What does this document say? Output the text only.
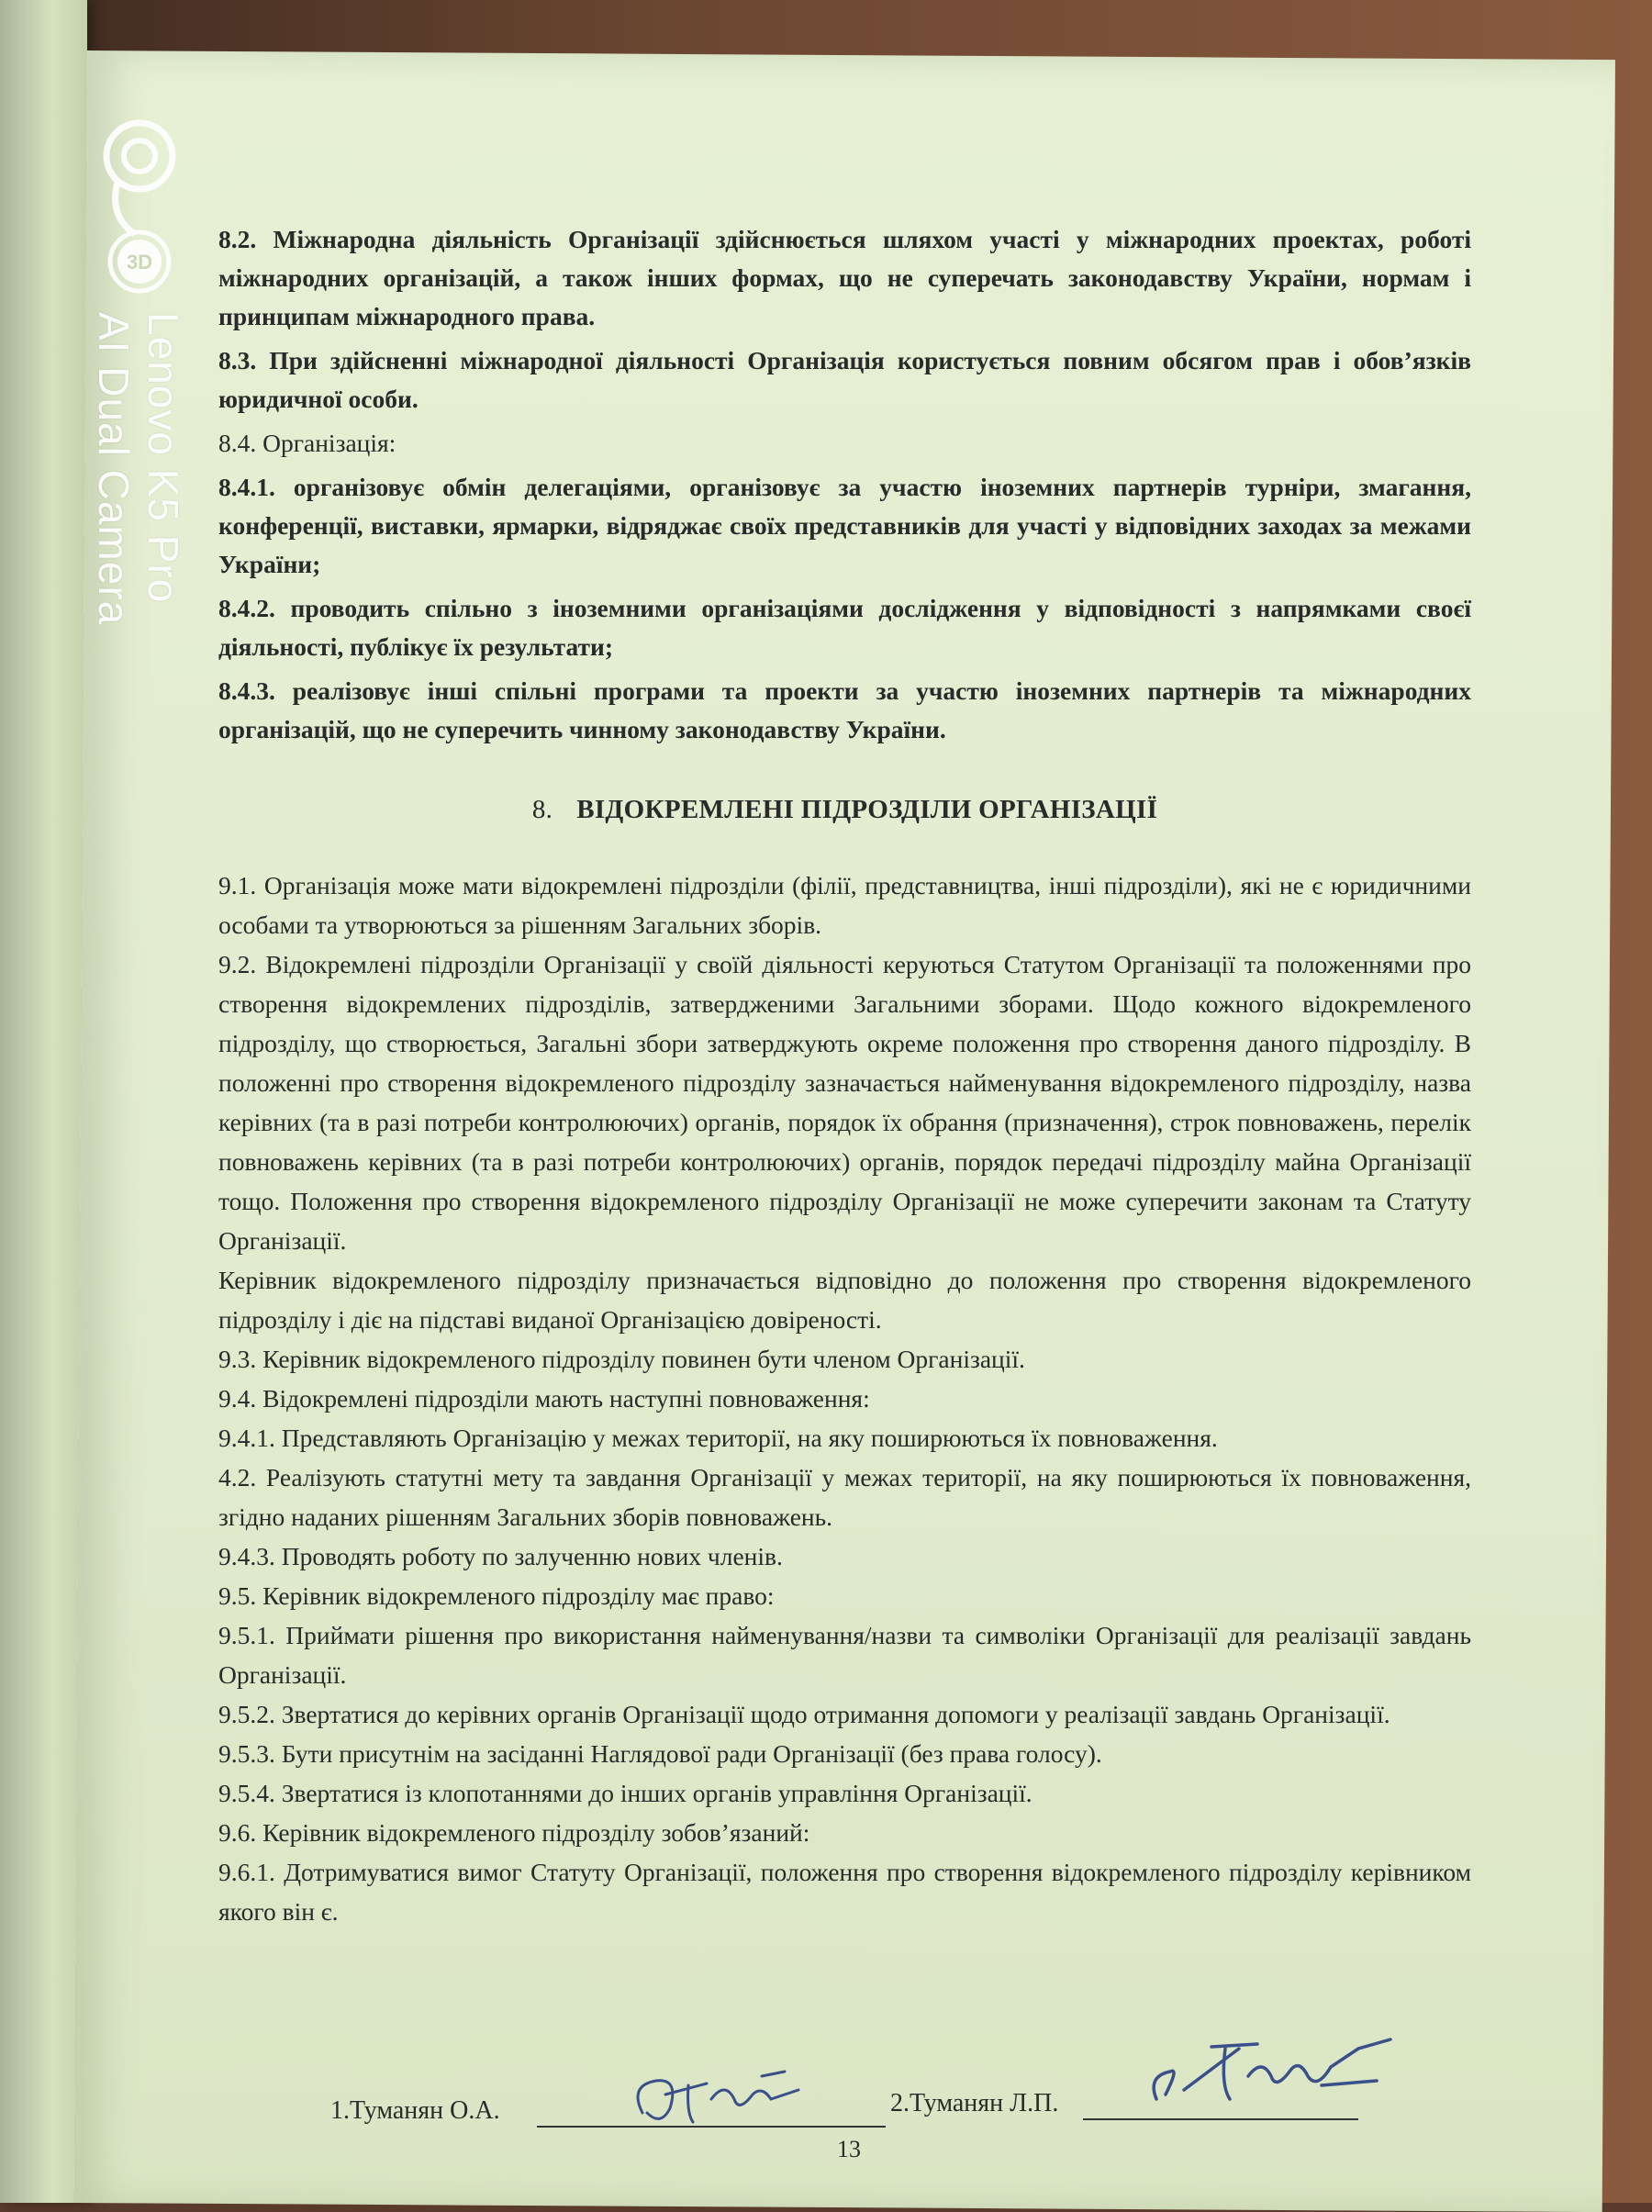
3D
Lenovo K5 Pro
AI Dual Camera
8.2. Міжнародна діяльність Організації здійснюється шляхом участі у міжнародних проектах, роботі міжнародних організацій, а також інших формах, що не суперечать законодавству України, нормам і принципам міжнародного права.
8.3. При здійсненні міжнародної діяльності Організація користується повним обсягом прав і обов’язків юридичної особи.
8.4. Організація:
8.4.1. організовує обмін делегаціями, організовує за участю іноземних партнерів турніри, змагання, конференції, виставки, ярмарки, відряджає своїх представників для участі у відповідних заходах за межами України;
8.4.2. проводить спільно з іноземними організаціями дослідження у відповідності з напрямками своєї діяльності, публікує їх результати;
8.4.3. реалізовує інші спільні програми та проекти за участю іноземних партнерів та міжнародних організацій, що не суперечить чинному законодавству України.
8. ВІДОКРЕМЛЕНІ ПІДРОЗДІЛИ ОРГАНІЗАЦІЇ
9.1. Організація може мати відокремлені підрозділи (філії, представництва, інші підрозділи), які не є юридичними особами та утворюються за рішенням Загальних зборів.
9.2. Відокремлені підрозділи Організації у своїй діяльності керуються Статутом Організації та положеннями про створення відокремлених підрозділів, затвердженими Загальними зборами. Щодо кожного відокремленого підрозділу, що створюється, Загальні збори затверджують окреме положення про створення даного підрозділу. В положенні про створення відокремленого підрозділу зазначається найменування відокремленого підрозділу, назва керівних (та в разі потреби контролюючих) органів, порядок їх обрання (призначення), строк повноважень, перелік повноважень керівних (та в разі потреби контролюючих) органів, порядок передачі підрозділу майна Організації тощо. Положення про створення відокремленого підрозділу Організації не може суперечити законам та Статуту Організації.
Керівник відокремленого підрозділу призначається відповідно до положення про створення відокремленого підрозділу і діє на підставі виданої Організацією довіреності.
9.3. Керівник відокремленого підрозділу повинен бути членом Організації.
9.4. Відокремлені підрозділи мають наступні повноваження:
9.4.1. Представляють Організацію у межах території, на яку поширюються їх повноваження.
4.2. Реалізують статутні мету та завдання Організації у межах території, на яку поширюються їх повноваження, згідно наданих рішенням Загальних зборів повноважень.
9.4.3. Проводять роботу по залученню нових членів.
9.5. Керівник відокремленого підрозділу має право:
9.5.1. Приймати рішення про використання найменування/назви та символіки Організації для реалізації завдань Організації.
9.5.2. Звертатися до керівних органів Організації щодо отримання допомоги у реалізації завдань Організації.
9.5.3. Бути присутнім на засіданні Наглядової ради Організації (без права голосу).
9.5.4. Звертатися із клопотаннями до інших органів управління Організації.
9.6. Керівник відокремленого підрозділу зобов’язаний:
9.6.1. Дотримуватися вимог Статуту Організації, положення про створення відокремленого підрозділу керівником якого він є.
1.Туманян О.А.	2.Туманян Л.П.
13
